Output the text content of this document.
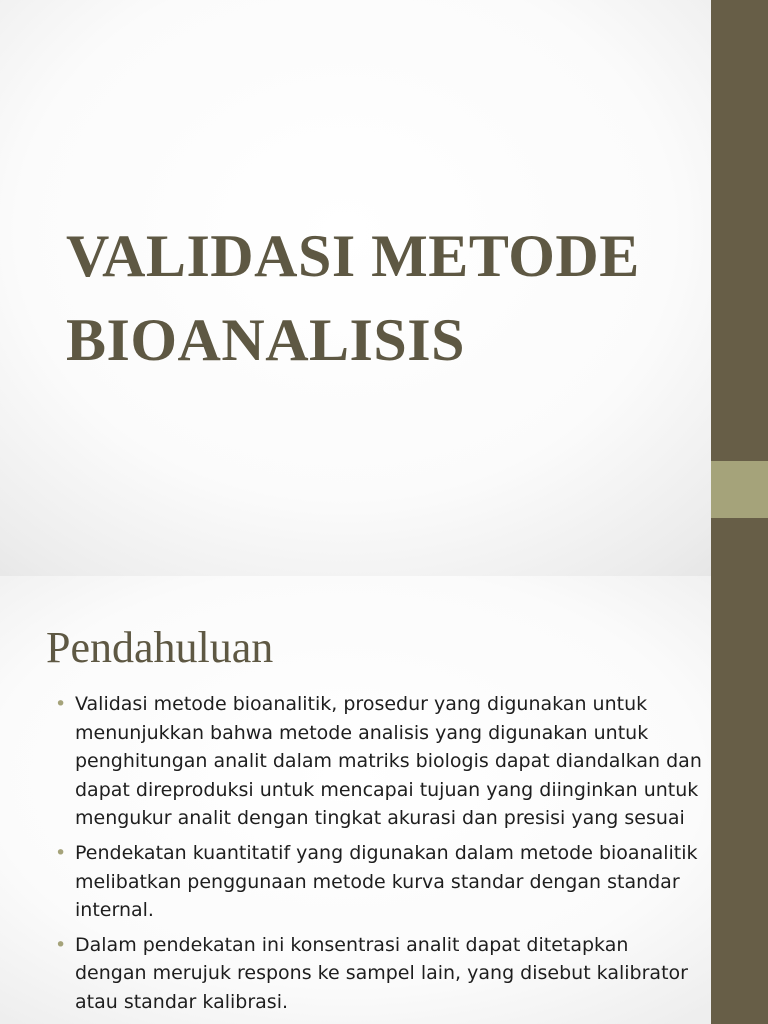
VALIDASI METODE
BIOANALISIS
Pendahuluan
• Validasi metode bioanalitik, prosedur yang digunakan untuk menunjukkan bahwa metode analisis yang digunakan untuk penghitungan analit dalam matriks biologis dapat diandalkan dan dapat direproduksi untuk mencapai tujuan yang diinginkan untuk mengukur analit dengan tingkat akurasi dan presisi yang sesuai
• Pendekatan kuantitatif yang digunakan dalam metode bioanalitik melibatkan penggunaan metode kurva standar dengan standar internal.
• Dalam pendekatan ini konsentrasi analit dapat ditetapkan dengan merujuk respons ke sampel lain, yang disebut kalibrator atau standar kalibrasi.
